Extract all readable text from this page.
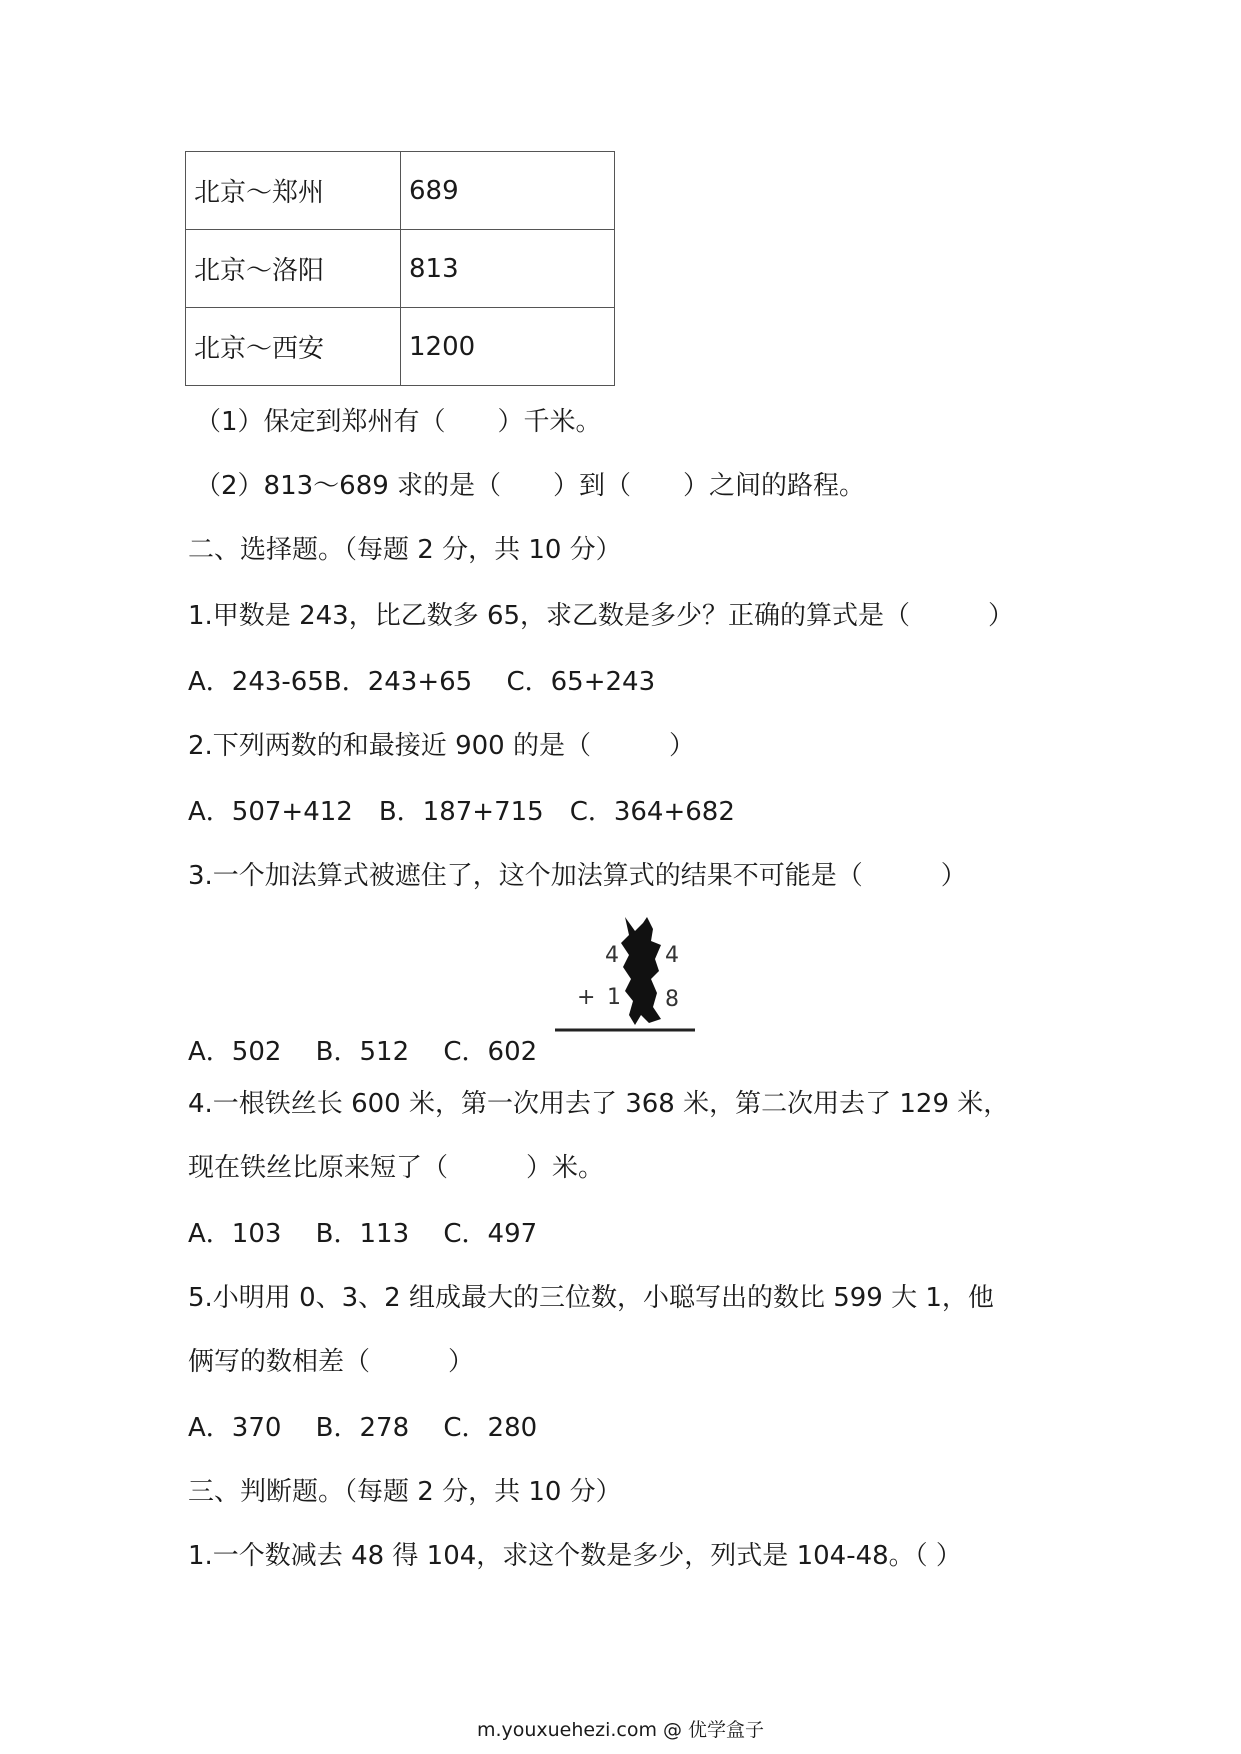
北京～郑州	689
北京～洛阳	813
北京～西安	1200
（1）保定到郑州有（　　）千米。
（2）813～689 求的是（　　）到（　　）之间的路程。
二、选择题。（每题 2 分，共 10 分）
1.甲数是 243，比乙数多 65，求乙数是多少？正确的算式是（　　　）
A．243-65B．243+65　 C．65+243
2.下列两数的和最接近 900 的是（　　　）
A．507+412　B．187+715　C．364+682
3.一个加法算式被遮住了，这个加法算式的结果不可能是（　　　）
4 4
+ 1 8
A．502　 B．512　 C．602
4.一根铁丝长 600 米，第一次用去了 368 米，第二次用去了 129 米，
现在铁丝比原来短了（　　　）米。
A．103　 B．113　 C．497
5.小明用 0、3、2 组成最大的三位数，小聪写出的数比 599 大 1，他
俩写的数相差（　　　）
A．370　 B．278　 C．280
三、判断题。（每题 2 分，共 10 分）
1.一个数减去 48 得 104，求这个数是多少，列式是 104-48。（ ）
m.youxuehezi.com @ 优学盒子
